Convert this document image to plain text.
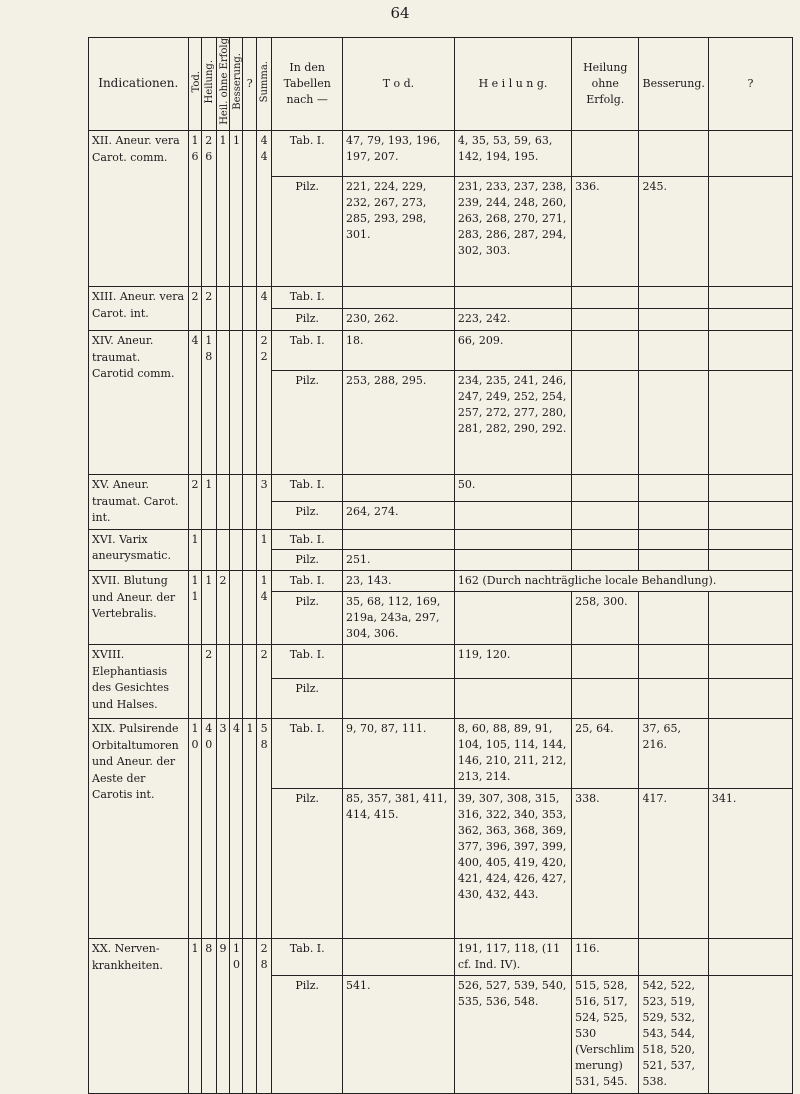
64
Indicationen.	Tod.	Heilung.	Heil. ohne Erfolg	Besserung.	?	Summa.	In den Tabellen nach —	T o d.	H e i l u n g.	Heilung ohne Erfolg.	Besserung.	?
XII. Aneur. vera Carot. comm.	16	26	1	1		44	Tab. I.	47, 79, 193, 196, 197, 207.	4, 35, 53, 59, 63, 142, 194, 195.			
							Pilz.	221, 224, 229, 232, 267, 273, 285, 293, 298, 301.	231, 233, 237, 238, 239, 244, 248, 260, 263, 268, 270, 271, 283, 286, 287, 294, 302, 303.	336.	245.	
XIII. Aneur. vera Carot. int.	2	2				4	Tab. I.					
							Pilz.	230, 262.	223, 242.			
XIV. Aneur. traumat. Carotid comm.	4	18				22	Tab. I.	18.	66, 209.			
							Pilz.	253, 288, 295.	234, 235, 241, 246, 247, 249, 252, 254, 257, 272, 277, 280, 281, 282, 290, 292.			
XV. Aneur. traumat. Carot. int.	2	1				3	Tab. I.		50.			
							Pilz.	264, 274.				
XVI. Varix aneurysmatic.	1					1	Tab. I.					
							Pilz.	251.				
XVII. Blutung und Aneur. der Vertebralis.	11	1	2			14	Tab. I.	23, 143.	162 (Durch nachträgliche locale Behandlung).			
							Pilz.	35, 68, 112, 169, 219a, 243a, 297, 304, 306.		258, 300.		
XVIII. Elephantiasis des Gesichtes und Halses.		2				2	Tab. I.		119, 120.			
							Pilz.					
XIX. Pulsirende Orbitaltumoren und Aneur. der Aeste der Carotis int.	10	40	3	4	1	58	Tab. I.	9, 70, 87, 111.	8, 60, 88, 89, 91, 104, 105, 114, 144, 146, 210, 211, 212, 213, 214.	25, 64.	37, 65, 216.	
							Pilz.	85, 357, 381, 411, 414, 415.	39, 307, 308, 315, 316, 322, 340, 353, 362, 363, 368, 369, 377, 396, 397, 399, 400, 405, 419, 420, 421, 424, 426, 427, 430, 432, 443.	338.	417.	341.
XX. Nerven-krankheiten.	1	8	9	10		28	Tab. I.		191, 117, 118, (11 cf. Ind. IV).	116.		
							Pilz.	541.	526, 527, 539, 540, 535, 536, 548.	515, 528, 516, 517, 524, 525, 530 (Verschlimmerung) 531, 545.	542, 522, 523, 519, 529, 532, 543, 544, 518, 520, 521, 537, 538.	
